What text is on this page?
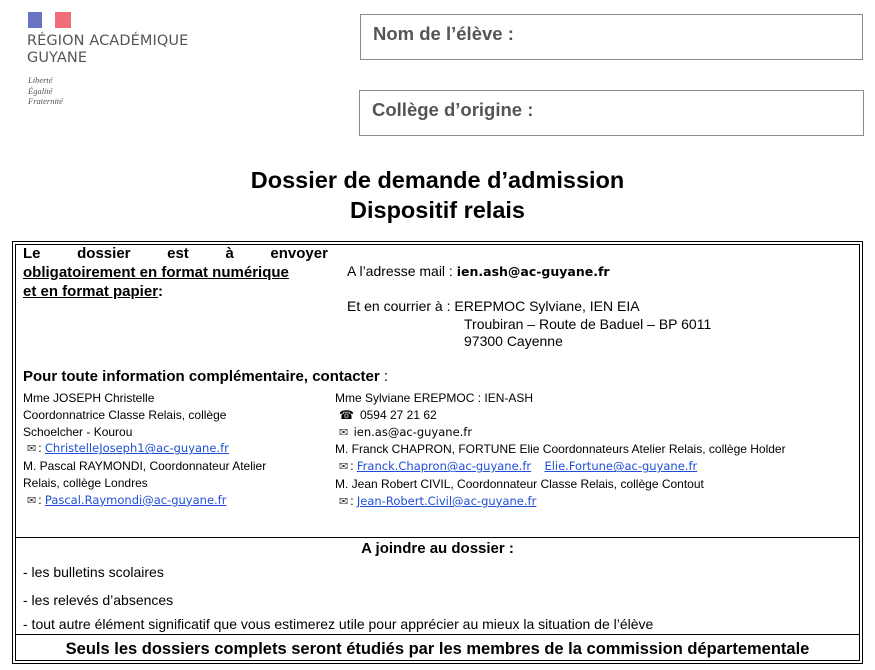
RÉGION ACADÉMIQUE
GUYANE
Liberté
Égalité
Fraternité
Nom de l’élève :
Collège d’origine :
Dossier de demande d’admission
Dispositif relais
Le dossier est à envoyer
obligatoirement en format numérique
et en format papier:
A l’adresse mail : ien.ash@ac-guyane.fr
Et en courrier à : EREPMOC Sylviane, IEN EIA
Troubiran – Route de Baduel – BP 6011
97300 Cayenne
Pour toute information complémentaire, contacter :
Mme JOSEPH Christelle
Coordonnatrice Classe Relais, collège
Schoelcher - Kourou
✉ : ChristelleJoseph1@ac-guyane.fr
M. Pascal RAYMONDI, Coordonnateur Atelier
Relais, collège Londres
✉ : Pascal.Raymondi@ac-guyane.fr
Mme Sylviane EREPMOC : IEN-ASH
☎ 0594 27 21 62
✉ ien.as@ac-guyane.fr
M. Franck CHAPRON, FORTUNE Elie Coordonnateurs Atelier Relais, collège Holder
✉ : Franck.Chapron@ac-guyane.fr Elie.Fortune@ac-guyane.fr
M. Jean Robert CIVIL, Coordonnateur Classe Relais, collège Contout
✉ : Jean-Robert.Civil@ac-guyane.fr
A joindre au dossier :
- les bulletins scolaires
- les relevés d’absences
- tout autre élément significatif que vous estimerez utile pour apprécier au mieux la situation de l’élève
Seuls les dossiers complets seront étudiés par les membres de la commission départementale
